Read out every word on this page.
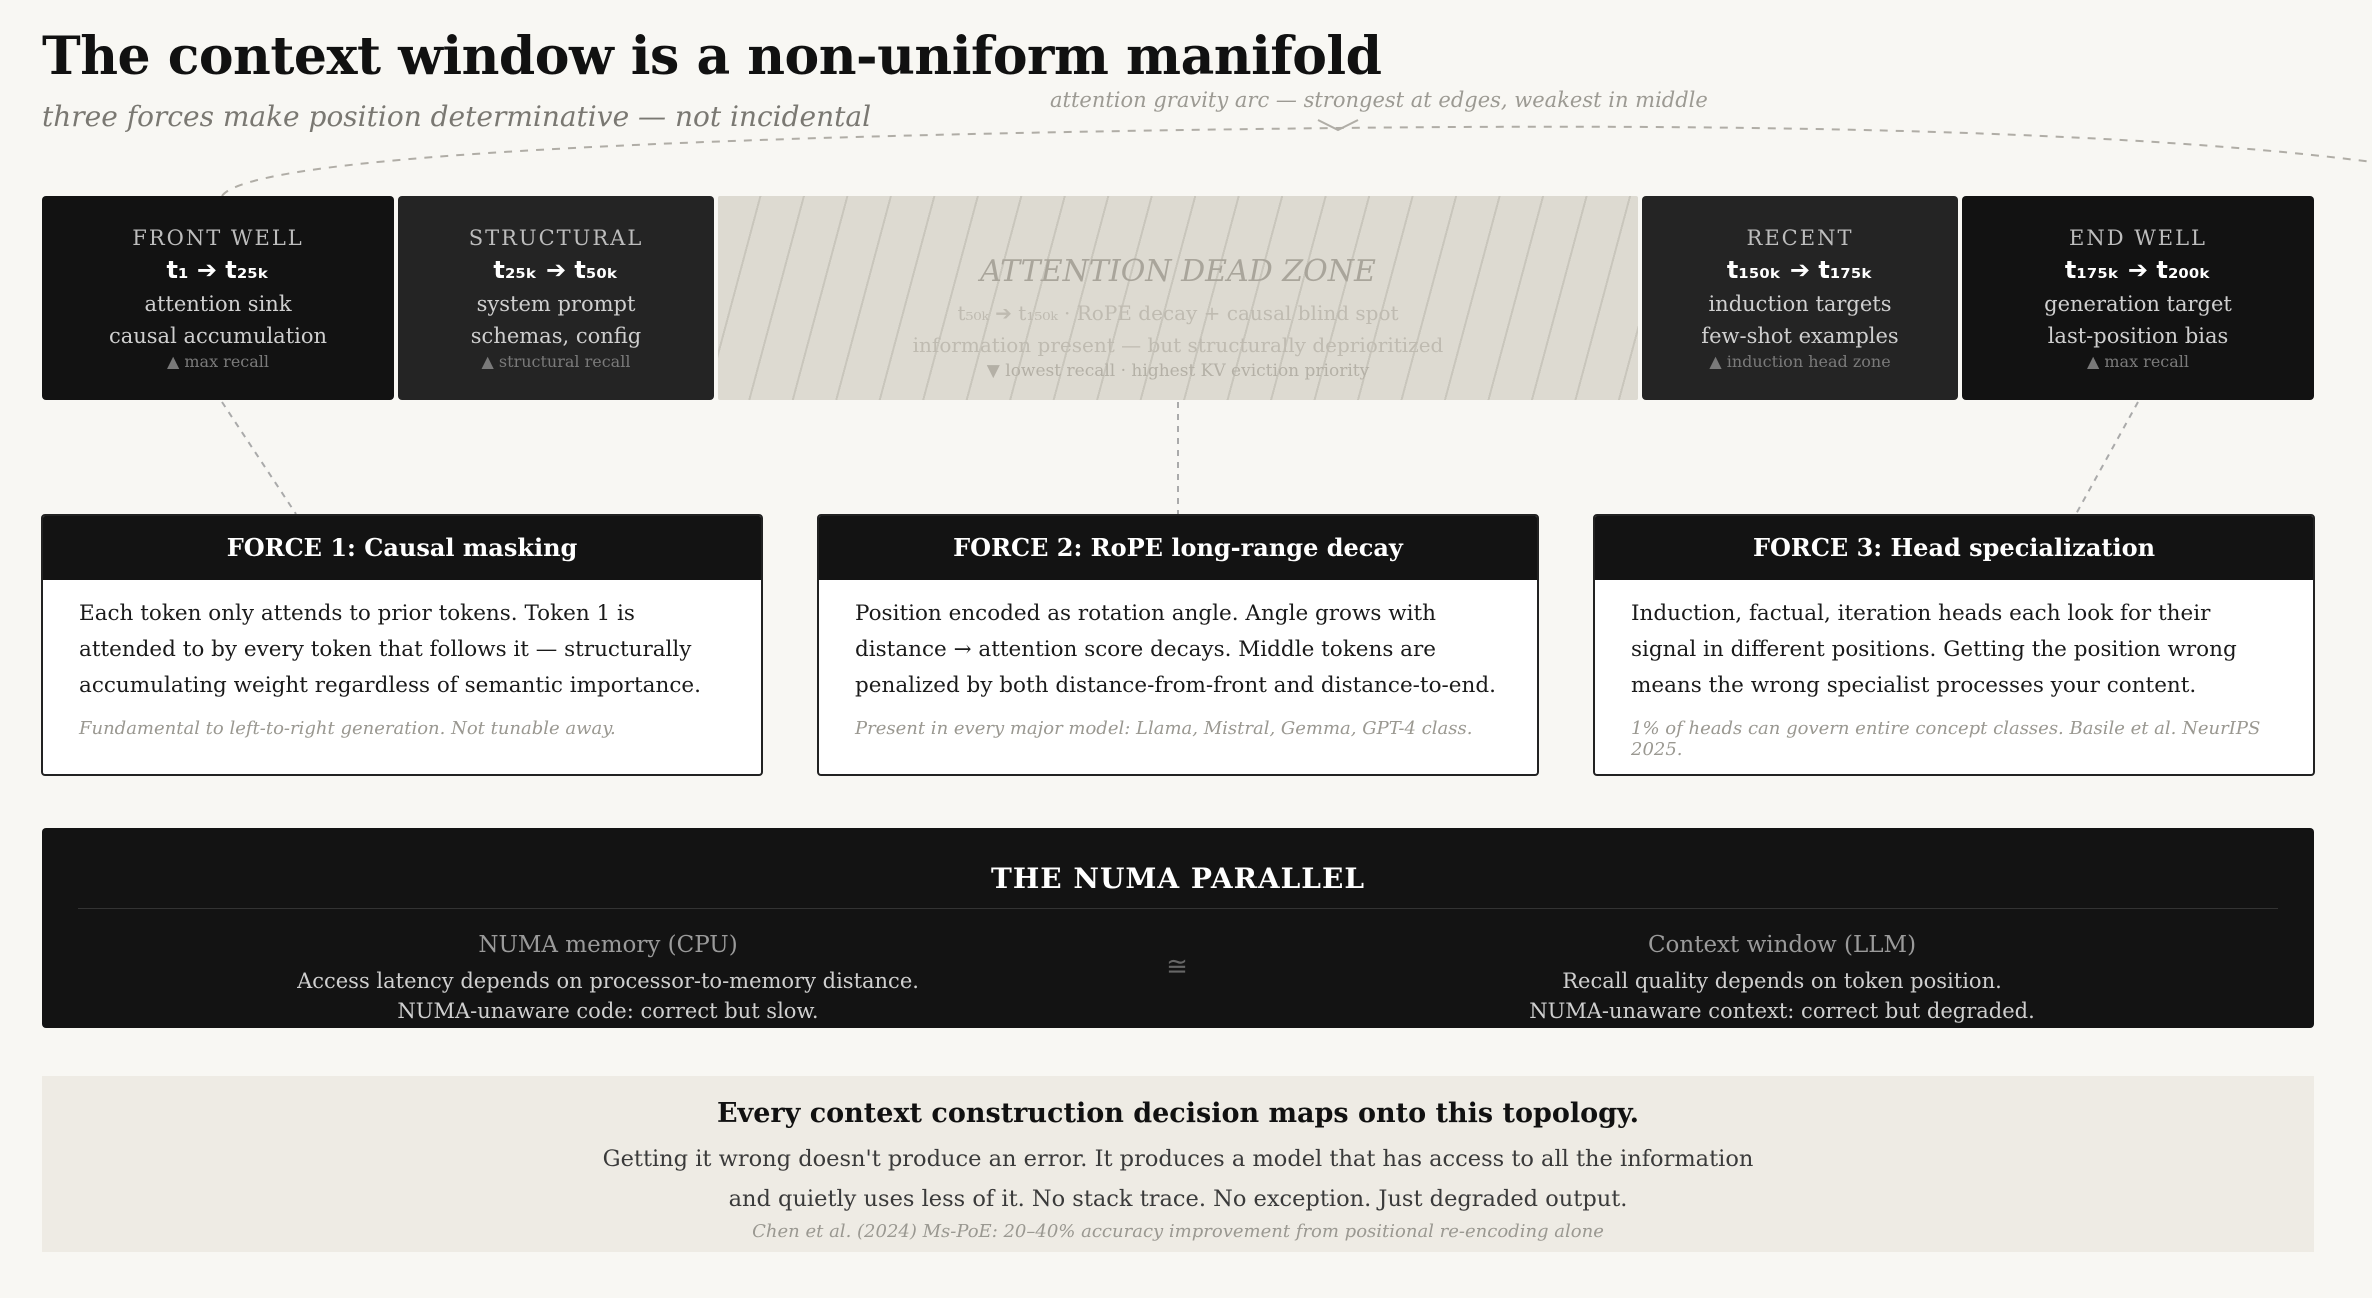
The context window is a non-uniform manifold
three forces make position determinative — not incidental	attention gravity arc — strongest at edges, weakest in middle
FRONT WELL
t₁ ➔ t₂₅ₖ
attention sink
causal accumulation
▲ max recall
STRUCTURAL
t₂₅ₖ ➔ t₅₀ₖ
system prompt
schemas, config
▲ structural recall
ATTENTION DEAD ZONE
t₅₀ₖ ➔ t₁₅₀ₖ · RoPE decay + causal blind spot
information present — but structurally deprioritized
▼ lowest recall · highest KV eviction priority
RECENT
t₁₅₀ₖ ➔ t₁₇₅ₖ
induction targets
few-shot examples
▲ induction head zone
END WELL
t₁₇₅ₖ ➔ t₂₀₀ₖ
generation target
last-position bias
▲ max recall
FORCE 1: Causal masking
Each token only attends to prior tokens. Token 1 is
attended to by every token that follows it — structurally
accumulating weight regardless of semantic importance.
Fundamental to left-to-right generation. Not tunable away.
FORCE 2: RoPE long-range decay
Position encoded as rotation angle. Angle grows with
distance → attention score decays. Middle tokens are
penalized by both distance-from-front and distance-to-end.
Present in every major model: Llama, Mistral, Gemma, GPT-4 class.
FORCE 3: Head specialization
Induction, factual, iteration heads each look for their
signal in different positions. Getting the position wrong
means the wrong specialist processes your content.
1% of heads can govern entire concept classes. Basile et al. NeurIPS 2025.
THE NUMA PARALLEL
NUMA memory (CPU)
Access latency depends on processor-to-memory distance.
NUMA-unaware code: correct but slow.
≅
Context window (LLM)
Recall quality depends on token position.
NUMA-unaware context: correct but degraded.
Every context construction decision maps onto this topology.
Getting it wrong doesn't produce an error. It produces a model that has access to all the information
and quietly uses less of it. No stack trace. No exception. Just degraded output.
Chen et al. (2024) Ms-PoE: 20–40% accuracy improvement from positional re-encoding alone
